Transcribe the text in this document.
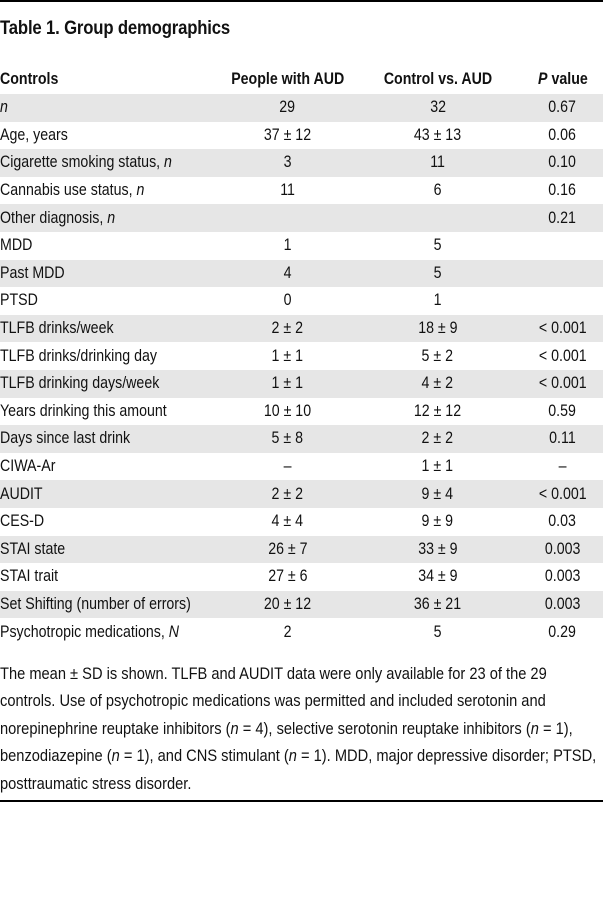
Table 1. Group demographics
Controls	People with AUD	Control vs. AUD	P value
n	29	32	0.67
Age, years	37 ± 12	43 ± 13	0.06
Cigarette smoking status, n	3	11	0.10
Cannabis use status, n	11	6	0.16
Other diagnosis, n			0.21
MDD	1	5	
Past MDD	4	5	
PTSD	0	1	
TLFB drinks/week	2 ± 2	18 ± 9	< 0.001
TLFB drinks/drinking day	1 ± 1	5 ± 2	< 0.001
TLFB drinking days/week	1 ± 1	4 ± 2	< 0.001
Years drinking this amount	10 ± 10	12 ± 12	0.59
Days since last drink	5 ± 8	2 ± 2	0.11
CIWA-Ar	–	1 ± 1	–
AUDIT	2 ± 2	9 ± 4	< 0.001
CES-D	4 ± 4	9 ± 9	0.03
STAI state	26 ± 7	33 ± 9	0.003
STAI trait	27 ± 6	34 ± 9	0.003
Set Shifting (number of errors)	20 ± 12	36 ± 21	0.003
Psychotropic medications, N	2	5	0.29

The mean ± SD is shown. TLFB and AUDIT data were only available for 23 of the 29 controls. Use of psychotropic medications was permitted and included serotonin and norepinephrine reuptake inhibitors (n = 4), selective serotonin reuptake inhibitors (n = 1), benzodiazepine (n = 1), and CNS stimulant (n = 1). MDD, major depressive disorder; PTSD, posttraumatic stress disorder.
